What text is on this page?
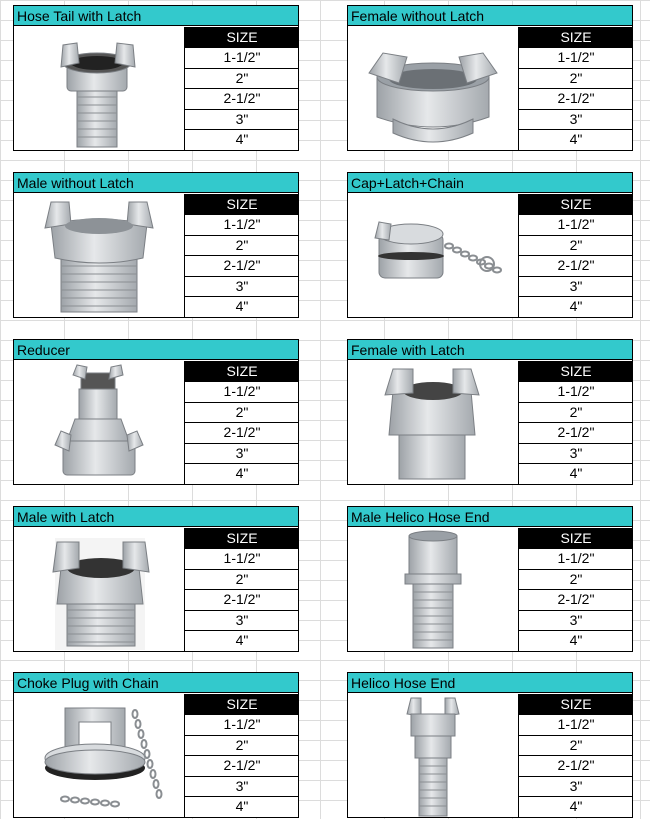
Hose Tail with Latch
SIZE
1-1/2"
2"
2-1/2"
3"
4"
Female without Latch
SIZE
1-1/2"
2"
2-1/2"
3"
4"
Male without Latch
SIZE
1-1/2"
2"
2-1/2"
3"
4"
Cap+Latch+Chain
SIZE
1-1/2"
2"
2-1/2"
3"
4"
Reducer
SIZE
1-1/2"
2"
2-1/2"
3"
4"
Female with Latch
SIZE
1-1/2"
2"
2-1/2"
3"
4"
Male with Latch
SIZE
1-1/2"
2"
2-1/2"
3"
4"
Male Helico Hose End
SIZE
1-1/2"
2"
2-1/2"
3"
4"
Choke Plug with Chain
SIZE
1-1/2"
2"
2-1/2"
3"
4"
Helico Hose End
SIZE
1-1/2"
2"
2-1/2"
3"
4"
